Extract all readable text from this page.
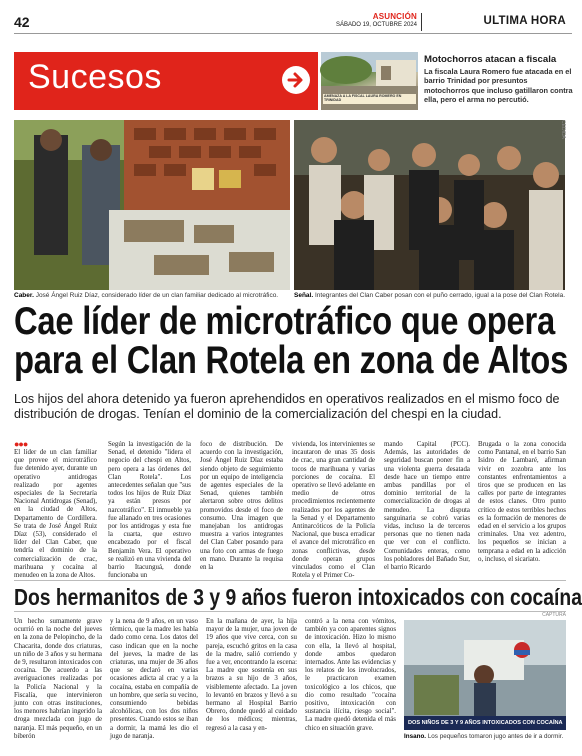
42	ASUNCIÓN
SÁBADO 19, OCTUBRE 2024	ULTIMA HORA
Sucesos
AMENAZA A LA FISCAL LAURA ROMERO EN TRINIDAD
Motochorros atacan a fiscala
La fiscala Laura Romero fue atacada en el barrio Trinidad por presuntos motochorros que incluso gatillaron contra ella, pero el arma no percutió.
CEDIDA
Caber. José Ángel Ruiz Díaz, considerado líder de un clan familiar dedicado al microtráfico.	Señal. Integrantes del Clan Caber posan con el puño cerrado, igual a la pose del Clan Rotela.
Cae líder de microtráfico que opera para el Clan Rotela en zona de Altos

Los hijos del ahora detenido ya fueron aprehendidos en operativos realizados en el mismo foco de distribución de drogas. Tenían el dominio de la comercialización del chespi en la ciudad.

●●●
El líder de un clan familiar que provee el microtráfico fue detenido ayer, durante un operativo antidrogas realizado por agentes especiales de la Secretaría Nacional Antidrogas (Senad), en la ciudad de Altos, Departamento de Cordillera. Se trata de José Ángel Ruiz Díaz (53), considerado el líder del Clan Caber, que tendría el dominio de la comercialización de crac, marihuana y cocaína al menudeo en la zona de Altos.
Según la investigación de la Senad, el detenido "lidera el negocio del chespi en Altos, pero opera a las órdenes del Clan Rotela". Los antecedentes señalan que "sus todos los hijos de Ruiz Díaz ya están presos por narcotráfico". El inmueble ya fue allanado en tres ocasiones por los antidrogas y esta fue la cuarta, que estuvo encabezado por el fiscal Benjamín Vera. El operativo se realizó en una vivienda del barrio Itacunguá, donde funcionaba un
foco de distribución. De acuerdo con la investigación, José Ángel Ruiz Díaz estaba siendo objeto de seguimiento por un equipo de inteligencia de agentes especiales de la Senad, quienes también alertaron sobre otros delitos promovidos desde el foco de consumo. Una imagen que manejaban los antidrogas muestra a varios integrantes del Clan Caber posando para una foto con armas de fuego en mano. Durante la requisa en la
vivienda, los intervinientes se incautaron de unas 35 dosis de crac, una gran cantidad de tocos de marihuana y varias porciones de cocaína. El operativo se llevó adelante en medio de otros procedimientos recientemente realizados por los agentes de la Senad y el Departamento Antinarcóticos de la Policía Nacional, que busca erradicar el avance del microtráfico en zonas conflictivas, desde donde operan grupos vinculados como el Clan Rotela y el Primer Co-
mando Capital (PCC). Además, las autoridades de seguridad buscan poner fin a una violenta guerra desatada desde hace un tiempo entre ambas pandillas por el dominio territorial de la comercialización de drogas al menudeo. La disputa sanguinaria se cobró varias vidas, incluso la de terceros personas que no tienen nada que ver con el conflicto. Comunidades enteras, como los pobladores del Bañado Sur, el barrio Ricardo
Brugada o la zona conocida como Pantanal, en el barrio San Isidro de Lambaré, afirman vivir en zozobra ante los constantes enfrentamientos a tiros que se producen en las calles por parte de integrantes de estos clanes. Otro punto crítico de estos terribles hechos es la formación de menores de edad en el servicio a los grupos criminales. Una vez adentro, los pequeños se inician a temprana a edad en la adicción o, incluso, el sicariato.
Dos hermanitos de 3 y 9 años fueron intoxicados con cocaína
CAPTURA
Un hecho sumamente grave ocurrió en la noche del jueves en la zona de Pelopincho, de la Chacarita, donde dos criaturas, un niño de 3 años y su hermana de 9, resultaron intoxicados con cocaína. De acuerdo a las averiguaciones realizadas por la Policía Nacional y la Fiscalía, que intervinieron junto con otras instituciones, los menores habrían ingerido la droga mezclada con jugo de naranja. El más pequeño, en un biberón
y la nena de 9 años, en un vaso térmico, que la madre les había dado como cena. Los datos del caso indican que en la noche del jueves, la madre de las criaturas, una mujer de 36 años que se declaró en varias ocasiones adicta al crac y a la cocaína, estaba en compañía de un hombre, que sería su vecino, consumiendo bebidas alcohólicas, con los dos niños presentes. Cuando estos se iban a dormir, la mamá les dio el jugo de naranja.
En la mañana de ayer, la hija mayor de la mujer, una joven de 19 años que vive cerca, con su pareja, escuchó gritos en la casa de la madre, salió corriendo y fue a ver, encontrando la escena: La madre que sostenía en sus brazos a su hijo de 3 años, visiblemente afectado. La joven lo levantó en brazos y llevó a su hermano al Hospital Barrio Obrero, donde quedó al cuidado de los médicos; mientras, regresó a la casa y en-
contró a la nena con vómitos, también ya con aparentes signos de intoxicación. Hizo lo mismo con ella, la llevó al hospital, donde ambos quedaron internados. Ante las evidencias y los relatos de los involucrados, le practicaron examen toxicológico a los chicos, que dio como resultado "cocaína positivo, intoxicación con sustancia ilícita, riesgo social". La madre quedó detenida el más chico en situación grave.
DOS NIÑOS DE 3 Y 9 AÑOS INTOXICADOS CON COCAÍNA
Insano. Los pequeños tomaron jugo antes de ir a dormir.
